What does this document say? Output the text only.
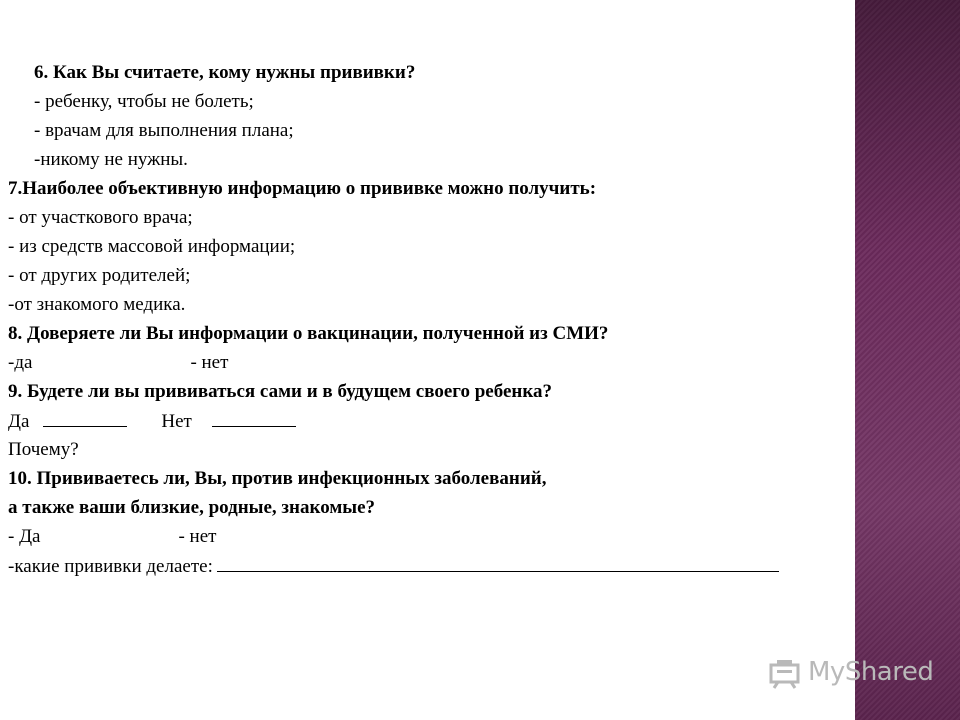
6. Как Вы считаете, кому нужны прививки?
- ребенку, чтобы не болеть;
- врачам для выполнения плана;
-никому не нужны.
7.Наиболее объективную информацию о прививке можно получить:
- от участкового врача;
- из средств массовой информации;
- от других родителей;
-от знакомого медика.
8. Доверяете ли Вы информации о вакцинации, полученной из СМИ?
-да	- нет
9. Будете ли вы прививаться сами и в будущем своего ребенка?
Да	Нет
Почему?
10. Прививаетесь ли, Вы, против инфекционных заболеваний,
а также ваши близкие, родные, знакомые?
- Да	- нет
-какие прививки делаете:
MyShared
